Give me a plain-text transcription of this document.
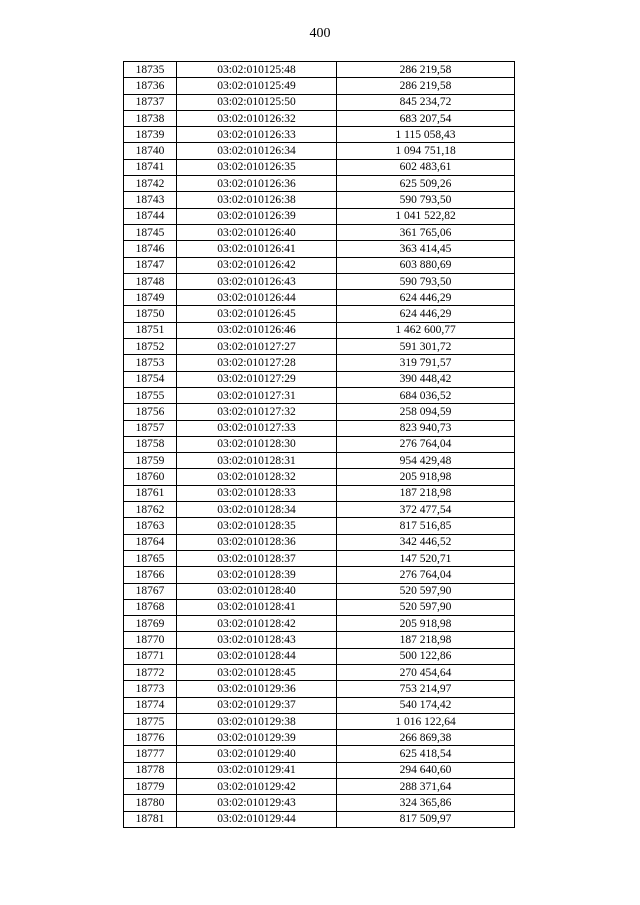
400
18735	03:02:010125:48	286 219,58
18736	03:02:010125:49	286 219,58
18737	03:02:010125:50	845 234,72
18738	03:02:010126:32	683 207,54
18739	03:02:010126:33	1 115 058,43
18740	03:02:010126:34	1 094 751,18
18741	03:02:010126:35	602 483,61
18742	03:02:010126:36	625 509,26
18743	03:02:010126:38	590 793,50
18744	03:02:010126:39	1 041 522,82
18745	03:02:010126:40	361 765,06
18746	03:02:010126:41	363 414,45
18747	03:02:010126:42	603 880,69
18748	03:02:010126:43	590 793,50
18749	03:02:010126:44	624 446,29
18750	03:02:010126:45	624 446,29
18751	03:02:010126:46	1 462 600,77
18752	03:02:010127:27	591 301,72
18753	03:02:010127:28	319 791,57
18754	03:02:010127:29	390 448,42
18755	03:02:010127:31	684 036,52
18756	03:02:010127:32	258 094,59
18757	03:02:010127:33	823 940,73
18758	03:02:010128:30	276 764,04
18759	03:02:010128:31	954 429,48
18760	03:02:010128:32	205 918,98
18761	03:02:010128:33	187 218,98
18762	03:02:010128:34	372 477,54
18763	03:02:010128:35	817 516,85
18764	03:02:010128:36	342 446,52
18765	03:02:010128:37	147 520,71
18766	03:02:010128:39	276 764,04
18767	03:02:010128:40	520 597,90
18768	03:02:010128:41	520 597,90
18769	03:02:010128:42	205 918,98
18770	03:02:010128:43	187 218,98
18771	03:02:010128:44	500 122,86
18772	03:02:010128:45	270 454,64
18773	03:02:010129:36	753 214,97
18774	03:02:010129:37	540 174,42
18775	03:02:010129:38	1 016 122,64
18776	03:02:010129:39	266 869,38
18777	03:02:010129:40	625 418,54
18778	03:02:010129:41	294 640,60
18779	03:02:010129:42	288 371,64
18780	03:02:010129:43	324 365,86
18781	03:02:010129:44	817 509,97
